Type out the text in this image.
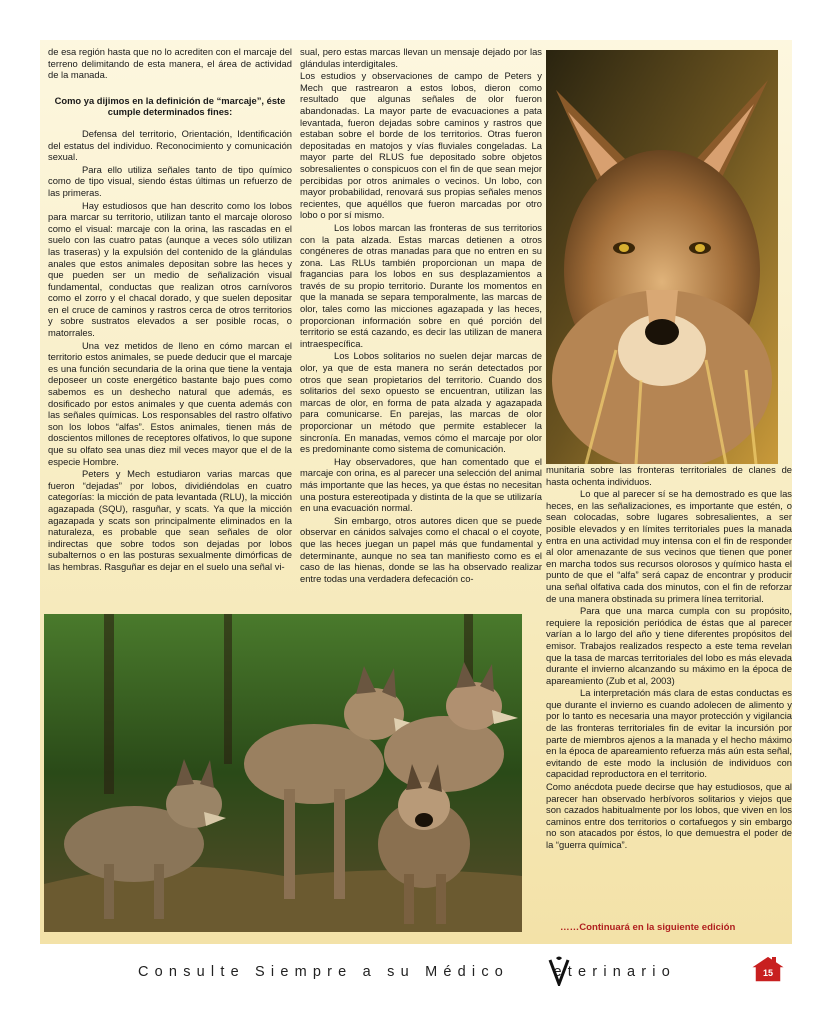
de esa región hasta que no lo acrediten con el marcaje del terreno delimitando de esta manera, el área de actividad de la manada.

Como ya dijimos en la definición de “marcaje”, éste cumple determinados fines:

Defensa del territorio, Orientación, Identificación del estatus del individuo. Reconocimiento y comunicación sexual.

Para ello utiliza señales tanto de tipo químico como de tipo visual, siendo éstas últimas un refuerzo de las primeras.

Hay estudiosos que han descrito como los lobos para marcar su territorio, utilizan tanto el marcaje oloroso como el visual: marcaje con la orina, las rascadas en el suelo con las cuatro patas (aunque a veces sólo utilizan las traseras) y la expulsión del contenido de la glándulas anales que estos animales depositan sobre las heces y que pueden ser un medio de señalización visual fundamental, conductas que realizan otros carnívoros como el zorro y el chacal dorado, y que suelen depositar en el cruce de caminos y rastros cerca de otros territorios y sobre sustratos elevados a ser posible rocas, o matorrales.

Una vez metidos de lleno en cómo marcan el territorio estos animales, se puede deducir que el marcaje es una función secundaria de la orina que tiene la ventaja deposeer un coste energético bastante bajo pues como sabemos es un deshecho natural que además, es dosificado por estos animales y que cuenta además con las señales químicas. Los responsables del rastro olfativo son los lobos “alfas”. Estos animales, tienen más de doscientos millones de receptores olfativos, lo que supone que su olfato sea unas diez mil veces mayor que el de la especie Hombre.

Peters y Mech estudiaron varias marcas que fueron “dejadas” por lobos, dividiéndolas en cuatro categorías: la micción de pata levantada (RLU), la micción agazapada (SQU), rasguñar, y scats. Ya que la micción agazapada y scats son principalmente eliminados en la naturaleza, es probable que sean señales de olor indirectas que sobre todos son dejadas por lobos subalternos o en las posturas sexualmente dimórficas de las hembras. Rasguñar es dejar en el suelo una señal vi-

sual, pero estas marcas llevan un mensaje dejado por las glándulas interdigitales.

Los estudios y observaciones de campo de Peters y Mech que rastrearon a estos lobos, dieron como resultado que algunas señales de olor fueron abandonadas. La mayor parte de evacuaciones a pata levantada, fueron dejadas sobre caminos y rastros que estaban sobre el borde de los territorios. Otras fueron depositadas en matojos y vías fluviales congeladas. La mayor parte del RLUS fue depositado sobre objetos sobresalientes o conspicuos con el fin de que sean mejor percibidas por otros animales o vecinos. Un lobo, con mayor probabilidad, renovará sus propias señales menos recientes, que aquéllos que fueron marcadas por otro lobo o por sí mismo.

Los lobos marcan las fronteras de sus territorios con la pata alzada. Estas marcas detienen a otros congéneres de otras manadas para que no entren en su zona. Las RLUs también proporcionan un mapa de fragancias para los lobos en sus desplazamientos a través de su propio territorio. Durante los momentos en que la manada se separa temporalmente, las marcas de olor, tales como las micciones agazapada y las heces, proporcionan información sobre en qué porción del territorio se está cazando, es decir las utilizan de manera intraespecífica.

Los Lobos solitarios no suelen dejar marcas de olor, ya que de esta manera no serán detectados por otros que sean propietarios del territorio. Cuando dos solitarios del sexo opuesto se encuentran, utilizan las marcas de olor, en forma de pata alzada y agazapada para comunicarse. En parejas, las marcas de olor proporcionar un método que permite establecer la sincronía. En manadas, vemos cómo el marcaje por olor es predominante como sistema de comunicación.

Hay observadores, que han comentado que el marcaje con orina, es al parecer una selección del animal más importante que las heces, ya que éstas no necesitan una postura estereotipada y distinta de la que se utilizaría en una evacuación normal.

Sin embargo, otros autores dicen que se puede observar en cánidos salvajes como el chacal o el coyote, que las heces juegan un papel más que fundamental y determinante, aunque no sea tan manifiesto como es el caso de las hienas, donde se las ha observado realizar entre todas una verdadera defecación co-

munitaria sobre las fronteras territoriales de clanes de hasta ochenta individuos.

Lo que al parecer sí se ha demostrado es que las heces, en las señalizaciones, es importante que estén, o sean colocadas, sobre lugares sobresalientes, a ser posible elevados y en límites territoriales pues la manada entra en una actividad muy intensa con el fin de responder al olor amenazante de sus vecinos que tienen que poner en marcha todos sus recursos olorosos y químico hasta el punto de que el “alfa” será capaz de encontrar y producir una señal olfativa cada dos minutos, con el fin de reforzar de una manera obstinada su primera línea territorial.

Para que una marca cumpla con su propósito, requiere la reposición periódica de éstas que al parecer varían a lo largo del año y tiene diferentes propósitos del emisor. Trabajos realizados respecto a este tema revelan que la tasa de marcas territoriales del lobo es más elevada durante el invierno alcanzando su máximo en la época de apareamiento (Zub et al, 2003)

La interpretación más clara de estas conductas es que durante el invierno es cuando adolecen de alimento y por lo tanto es necesaria una mayor protección y vigilancia de las fronteras territoriales fin de evitar la incursión por parte de miembros ajenos a la manada y el hecho máximo en la época de apareamiento refuerza más aún esta señal, evitando de este modo la inclusión de individuos con capacidad reproductora en el territorio.

Como anécdota puede decirse que hay estudiosos, que al parecer han observado herbívoros solitarios y viejos que son cazados habitualmente por los lobos, que viven en los caminos entre dos territorios o cortafuegos y sin embargo no son atacados por éstos, lo que demuestra el poder de la “guerra química”.

……Continuará en la siguiente edición
Consulte Siempre a su Médico	eterinario	15
